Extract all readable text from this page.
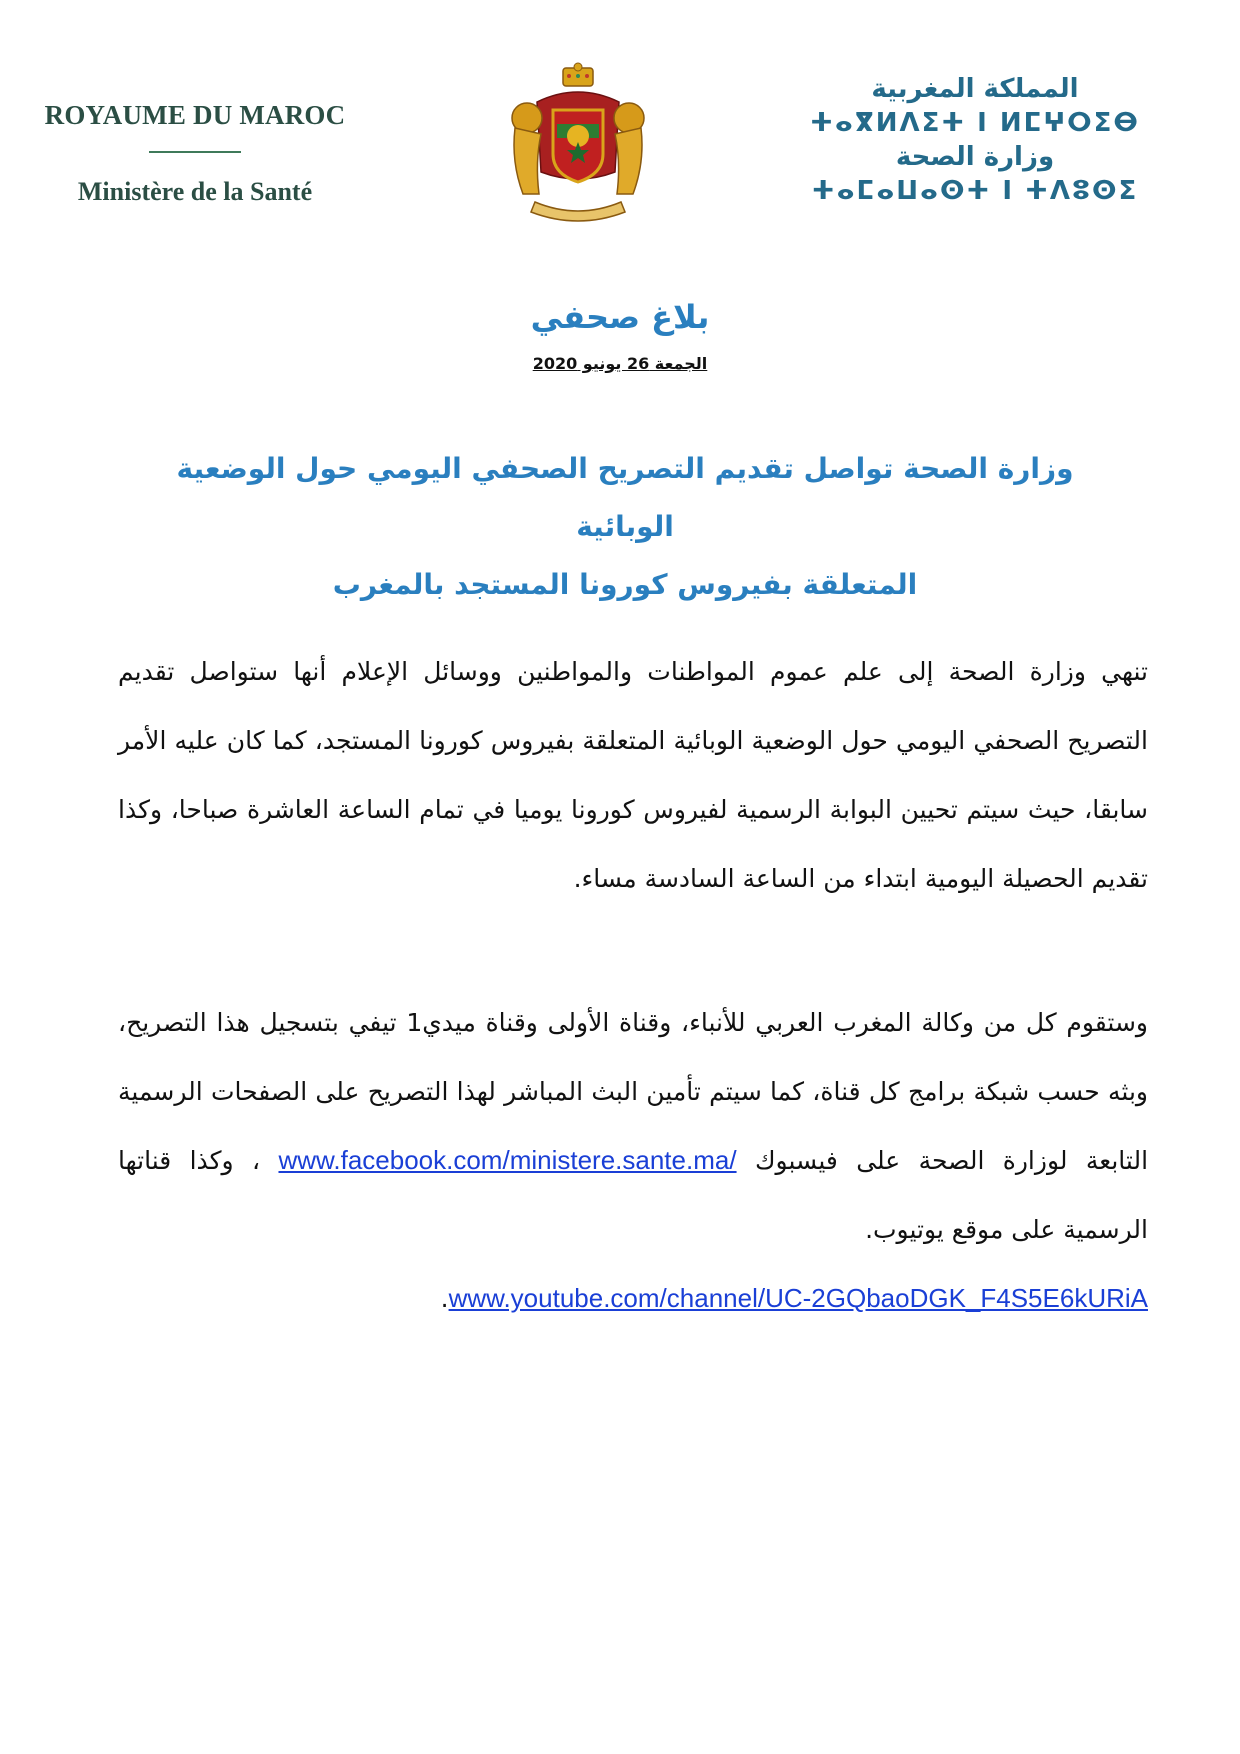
ROYAUME DU MAROC
Ministère de la Santé
المملكة المغربية
ⵜⴰⴳⵍⴷⵉⵜ ⵏ ⵍⵎⵖⵔⵉⴱ
وزارة الصحة
ⵜⴰⵎⴰⵡⴰⵙⵜ ⵏ ⵜⴷⵓⵙⵉ
بلاغ صحفي
الجمعة 26 يونيو 2020
وزارة الصحة تواصل تقديم التصريح الصحفي اليومي حول الوضعية الوبائية
المتعلقة بفيروس كورونا المستجد بالمغرب

تنهي وزارة الصحة إلى علم عموم المواطنات والمواطنين ووسائل الإعلام أنها ستواصل تقديم التصريح الصحفي اليومي حول الوضعية الوبائية المتعلقة بفيروس كورونا المستجد، كما كان عليه الأمر سابقا، حيث سيتم تحيين البوابة الرسمية لفيروس كورونا يوميا في تمام الساعة العاشرة صباحا، وكذا تقديم الحصيلة اليومية ابتداء من الساعة السادسة مساء.

وستقوم كل من وكالة المغرب العربي للأنباء، وقناة الأولى وقناة ميدي1 تيفي بتسجيل هذا التصريح، وبثه حسب شبكة برامج كل قناة، كما سيتم تأمين البث المباشر لهذا التصريح على الصفحات الرسمية التابعة لوزارة الصحة على فيسبوك www.facebook.com/ministere.sante.ma/ ، وكذا قناتها الرسمية على موقع يوتيوب.

.www.youtube.com/channel/UC-2GQbaoDGK_F4S5E6kURiA
